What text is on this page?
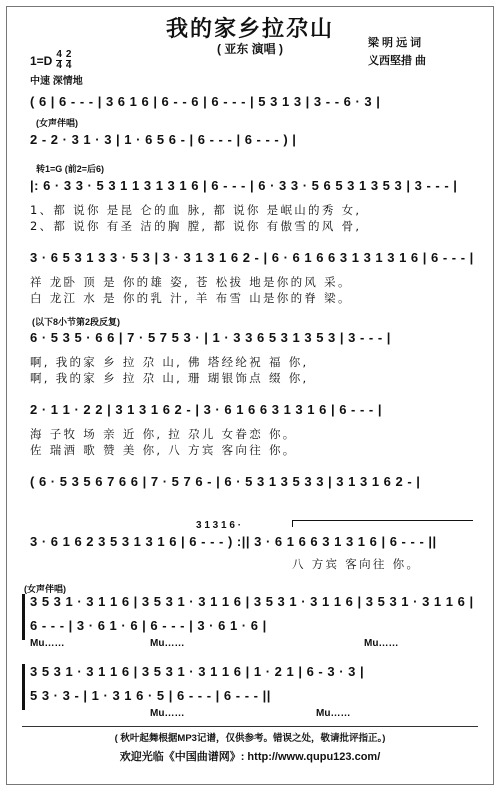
我的家乡拉尕山
( 亚东 演唱 )	梁 明 远 词
义西堅措 曲
1=D 4
4
2
4
中速 深情地
( 6 | 6 - - - | 3 6 1 6 | 6 - - 6 | 6 - - - | 5 3 1 3 | 3 - - 6 · 3 |
(女声伴唱)
2 - 2 · 3 1 · 3 | 1 · 6 5 6 - | 6 - - - | 6 - - - ) |
转1=G (前2=后6)
|: 6 · 3 3 · 5 3 1 1 3 1 3 1 6 | 6 - - - | 6 · 3 3 · 5 6 5 3 1 3 5 3 | 3 - - - |
1、都 说你 是昆 仑的血 脉, 都 说你 是岷山的秀 女,
2、都 说你 有圣 洁的胸 膛, 都 说你 有傲雪的风 骨,
3 · 6 5 3 1 3 3 · 5 3 | 3 · 3 1 3 1 6 2 - | 6 · 6 1 6 6 3 1 3 1 3 1 6 | 6 - - - |
祥 龙卧 顶 是 你的雄 姿, 苍 松拔 地是你的风 采。
白 龙江 水 是 你的乳 汁, 羊 布雪 山是你的脊 梁。
(以下8小节第2段反复)
6 · 5 3 5 · 6 6 | 7 · 5 7 5 3 · | 1 · 3 3 6 5 3 1 3 5 3 | 3 - - - |
啊, 我的家 乡 拉 尕 山, 佛 塔经纶祝 福 你,
啊, 我的家 乡 拉 尕 山, 珊 瑚银饰点 缀 你,
2 · 1 1 · 2 2 | 3 1 3 1 6 2 - | 3 · 6 1 6 6 3 1 3 1 6 | 6 - - - |
海 子牧 场 亲 近 你, 拉 尕儿 女眷恋 你。
佐 瑞酒 歌 赞 美 你, 八 方宾 客向往 你。
( 6 · 5 3 5 6 7 6 6 | 7 · 5 7 6 - | 6 · 5 3 1 3 5 3 3 | 3 1 3 1 6 2 - |
3 1 3 1 6 ·
3 · 6 1 6 2 3 5 3 1 3 1 6 | 6 - - - ) :|| 3 · 6 1 6 6 3 1 3 1 6 | 6 - - - ||
八 方宾 客向往 你。
(女声伴唱)
3 5 3 1 · 3 1 1 6 | 3 5 3 1 · 3 1 1 6 | 3 5 3 1 · 3 1 1 6 | 3 5 3 1 · 3 1 1 6 |
6 - - - | 3 · 6 1 · 6 | 6 - - - | 3 · 6 1 · 6 |
Mu……	Mu……	Mu……
3 5 3 1 · 3 1 1 6 | 3 5 3 1 · 3 1 1 6 | 1 · 2 1 | 6 - 3 · 3 |
5 3 · 3 - | 1 · 3 1 6 · 5 | 6 - - - | 6 - - - ||
Mu……	Mu……
( 秋叶起舞根据MP3记谱，仅供参考。错误之处，敬请批评指正。)
欢迎光临《中国曲谱网》: http://www.qupu123.com/
